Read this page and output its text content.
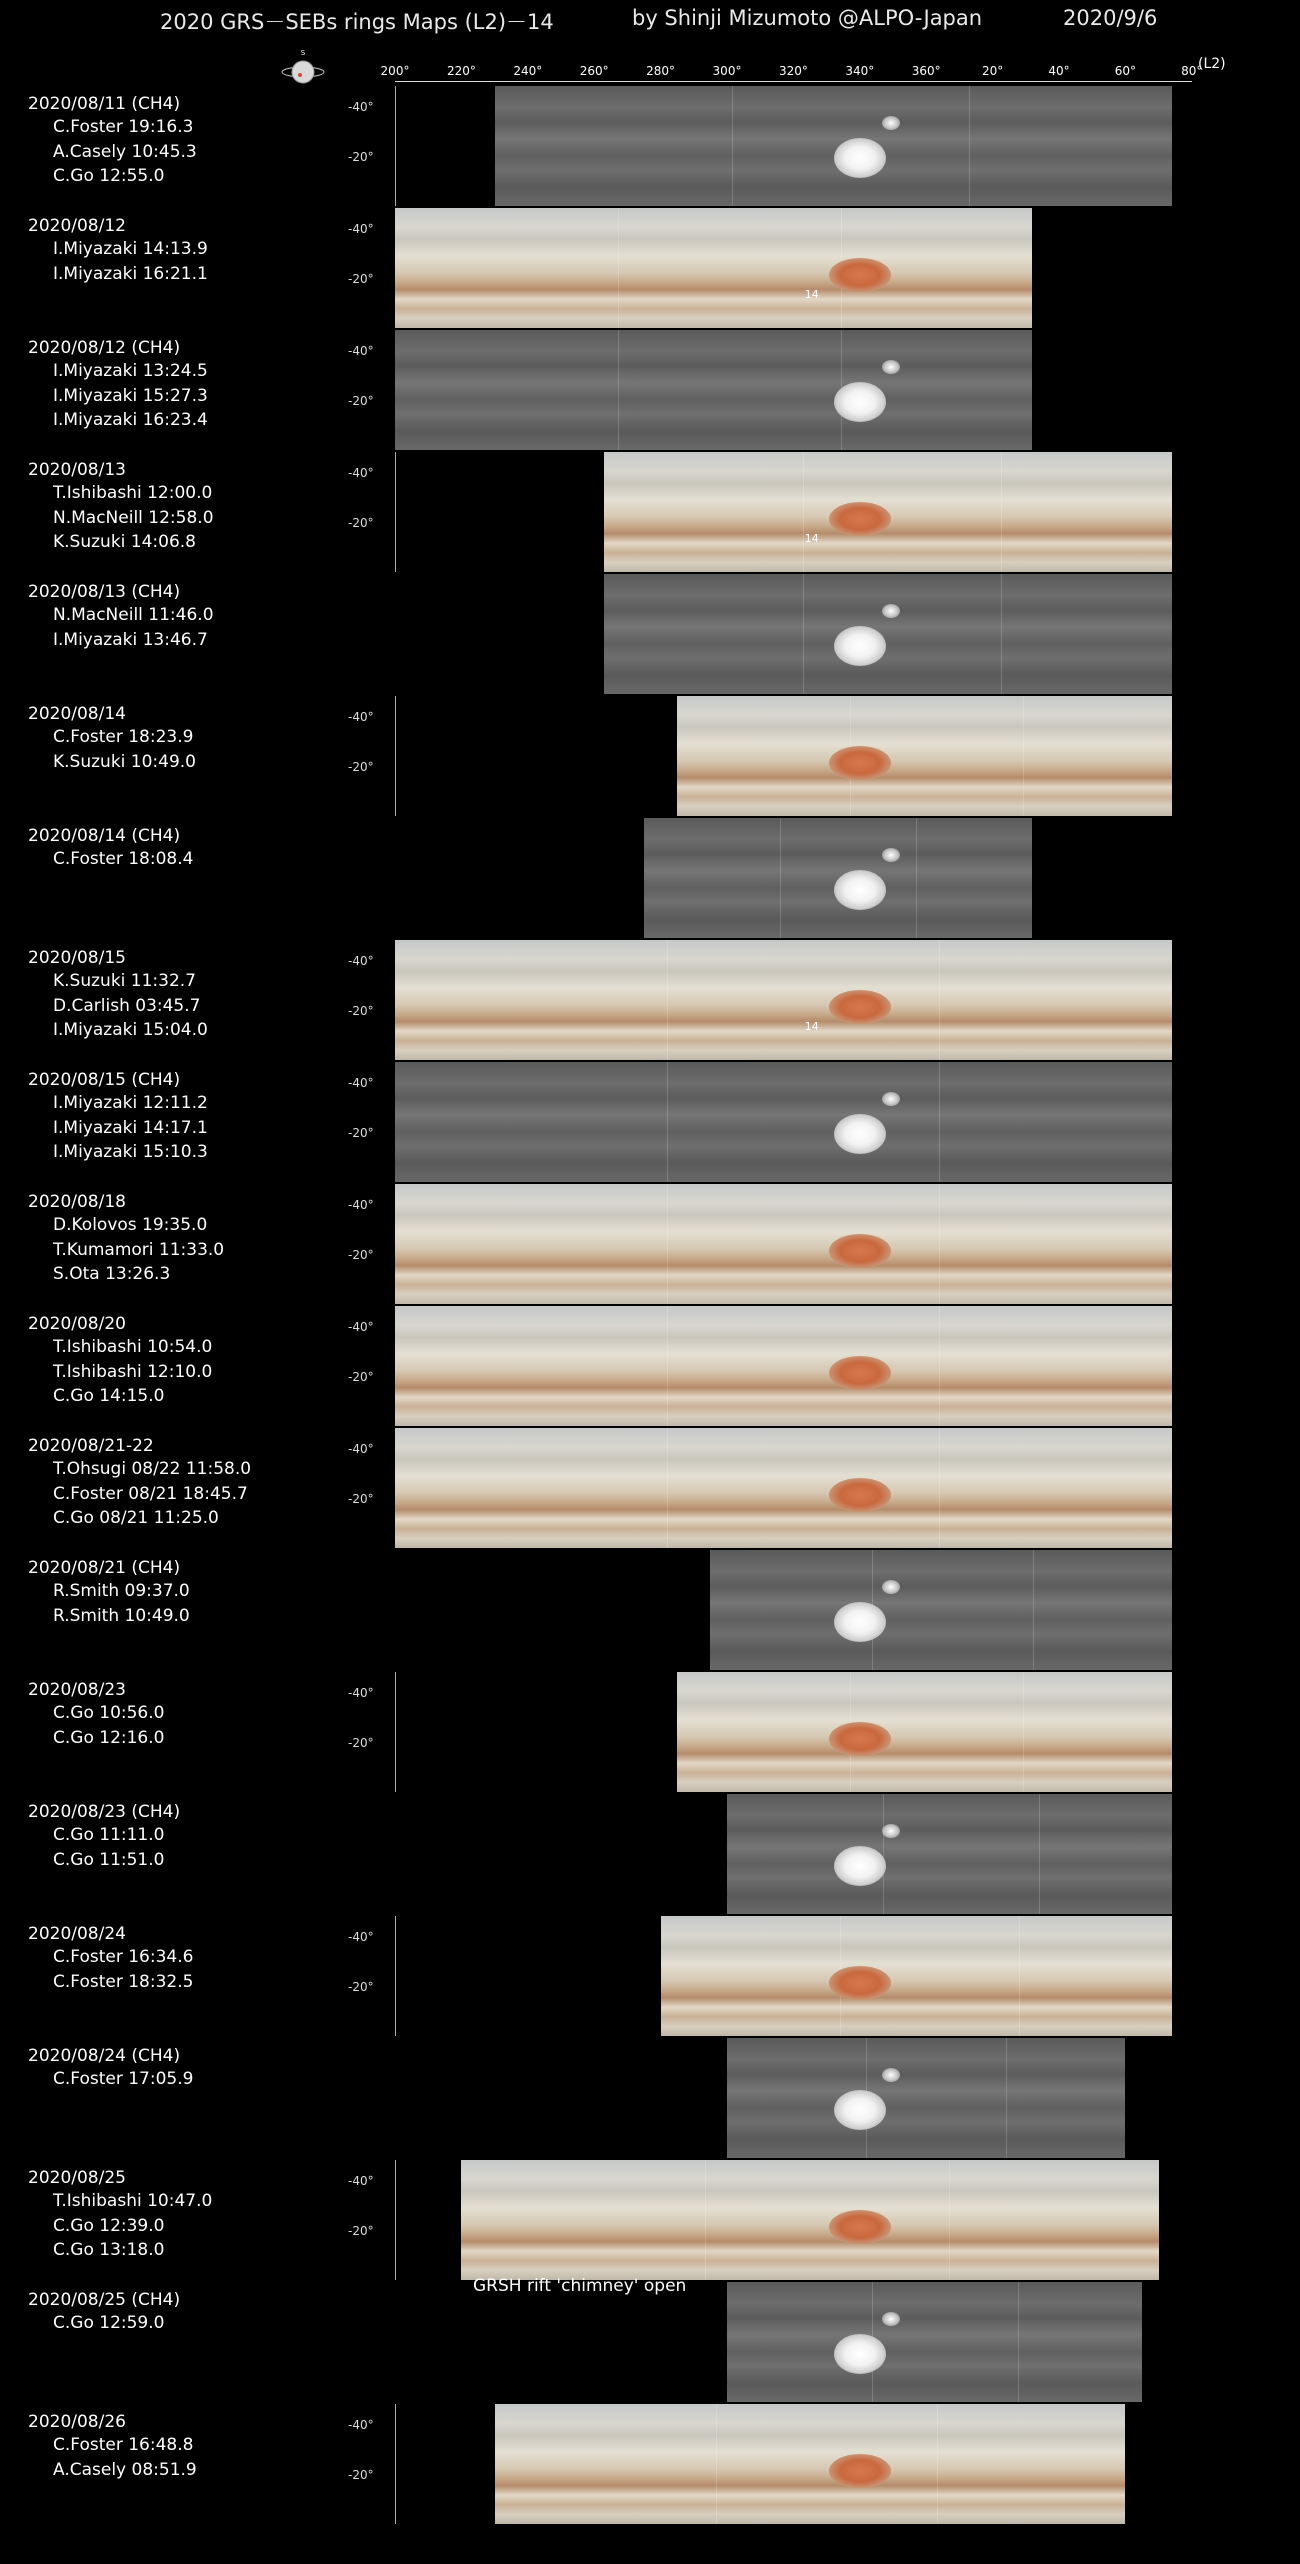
2020 GRS－SEBs rings Maps (L2)－14	by Shinji Mizumoto @ALPO-Japan	2020/9/6
S
(L2)
200°	220°	240°	260°	280°	300°	320°	340°	360°	20°	40°	60°	80°
2020/08/11 (CH4)
C.Foster 19:16.3
A.Casely 10:45.3
C.Go 12:55.0
-40°
-20°
2020/08/12
I.Miyazaki 14:13.9
I.Miyazaki 16:21.1
-40°
-20°
14
2020/08/12 (CH4)
I.Miyazaki 13:24.5
I.Miyazaki 15:27.3
I.Miyazaki 16:23.4
-40°
-20°
2020/08/13
T.Ishibashi 12:00.0
N.MacNeill 12:58.0
K.Suzuki 14:06.8
-40°
-20°
14
2020/08/13 (CH4)
N.MacNeill 11:46.0
I.Miyazaki 13:46.7
2020/08/14
C.Foster 18:23.9
K.Suzuki 10:49.0
-40°
-20°
2020/08/14 (CH4)
C.Foster 18:08.4
2020/08/15
K.Suzuki 11:32.7
D.Carlish 03:45.7
I.Miyazaki 15:04.0
-40°
-20°
14
2020/08/15 (CH4)
I.Miyazaki 12:11.2
I.Miyazaki 14:17.1
I.Miyazaki 15:10.3
-40°
-20°
2020/08/18
D.Kolovos 19:35.0
T.Kumamori 11:33.0
S.Ota 13:26.3
-40°
-20°
2020/08/20
T.Ishibashi 10:54.0
T.Ishibashi 12:10.0
C.Go 14:15.0
-40°
-20°
2020/08/21-22
T.Ohsugi 08/22 11:58.0
C.Foster 08/21 18:45.7
C.Go 08/21 11:25.0
-40°
-20°
2020/08/21 (CH4)
R.Smith 09:37.0
R.Smith 10:49.0
2020/08/23
C.Go 10:56.0
C.Go 12:16.0
-40°
-20°
2020/08/23 (CH4)
C.Go 11:11.0
C.Go 11:51.0
2020/08/24
C.Foster 16:34.6
C.Foster 18:32.5
-40°
-20°
2020/08/24 (CH4)
C.Foster 17:05.9
2020/08/25
T.Ishibashi 10:47.0
C.Go 12:39.0
C.Go 13:18.0
-40°
-20°
2020/08/25 (CH4)
C.Go 12:59.0
GRSH rift 'chimney' open
2020/08/26
C.Foster 16:48.8
A.Casely 08:51.9
-40°
-20°
